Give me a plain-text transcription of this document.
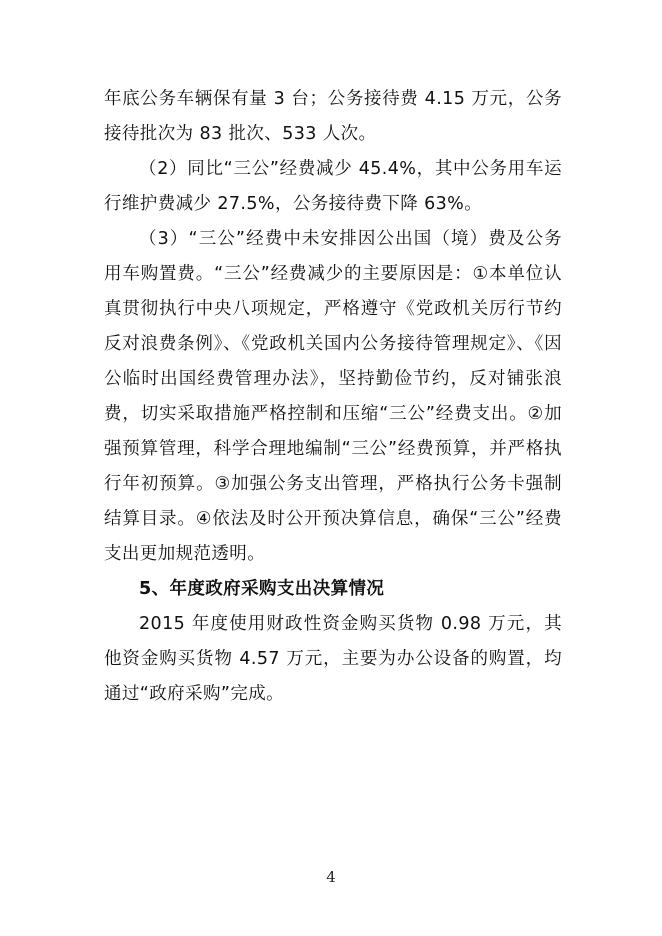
年底公务车辆保有量 3 台；公务接待费 4.15 万元，公务接待批次为 83 批次、533 人次。

（2）同比“三公”经费减少 45.4%，其中公务用车运行维护费减少 27.5%，公务接待费下降 63%。

（3）“三公”经费中未安排因公出国（境）费及公务用车购置费。“三公”经费减少的主要原因是：①本单位认真贯彻执行中央八项规定，严格遵守《党政机关厉行节约反对浪费条例》、《党政机关国内公务接待管理规定》、《因公临时出国经费管理办法》，坚持勤俭节约，反对铺张浪费，切实采取措施严格控制和压缩“三公”经费支出。②加强预算管理，科学合理地编制“三公”经费预算，并严格执行年初预算。③加强公务支出管理，严格执行公务卡强制结算目录。④依法及时公开预决算信息，确保“三公”经费支出更加规范透明。

5、年度政府采购支出决算情况

2015 年度使用财政性资金购买货物 0.98 万元，其他资金购买货物 4.57 万元，主要为办公设备的购置，均通过“政府采购”完成。

4
